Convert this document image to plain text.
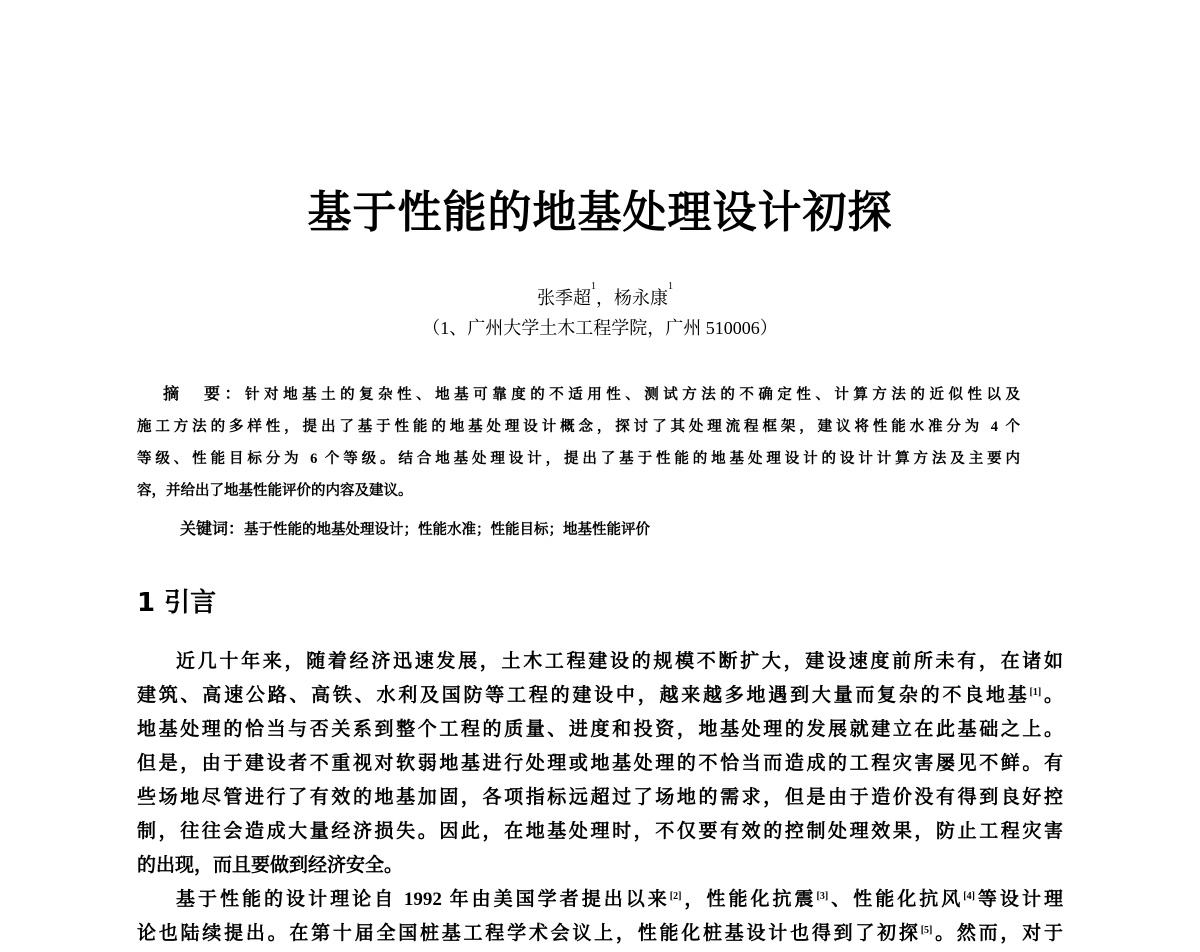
基于性能的地基处理设计初探
张季超$^1$，杨永康$^1$
（1、广州大学土木工程学院，广州 510006）
摘　要：针对地基土的复杂性、地基可靠度的不适用性、测试方法的不确定性、计算方法的近似性以及
施工方法的多样性，提出了基于性能的地基处理设计概念，探讨了其处理流程框架，建议将性能水准分为 4 个
等级、性能目标分为 6 个等级。结合地基处理设计，提出了基于性能的地基处理设计的设计计算方法及主要内
容，并给出了地基性能评价的内容及建议。
关键词：基于性能的地基处理设计；性能水准；性能目标；地基性能评价
1 引言
近几十年来，随着经济迅速发展，土木工程建设的规模不断扩大，建设速度前所未有，在诸如
建筑、高速公路、高铁、水利及国防等工程的建设中，越来越多地遇到大量而复杂的不良地基[1]。
地基处理的恰当与否关系到整个工程的质量、进度和投资，地基处理的发展就建立在此基础之上。
但是，由于建设者不重视对软弱地基进行处理或地基处理的不恰当而造成的工程灾害屡见不鲜。有
些场地尽管进行了有效的地基加固，各项指标远超过了场地的需求，但是由于造价没有得到良好控
制，往往会造成大量经济损失。因此，在地基处理时，不仅要有效的控制处理效果，防止工程灾害
的出现，而且要做到经济安全。
基于性能的设计理论自 1992 年由美国学者提出以来[2]，性能化抗震[3]、性能化抗风[4]等设计理
论也陆续提出。在第十届全国桩基工程学术会议上，性能化桩基设计也得到了初探[5]。然而，对于
